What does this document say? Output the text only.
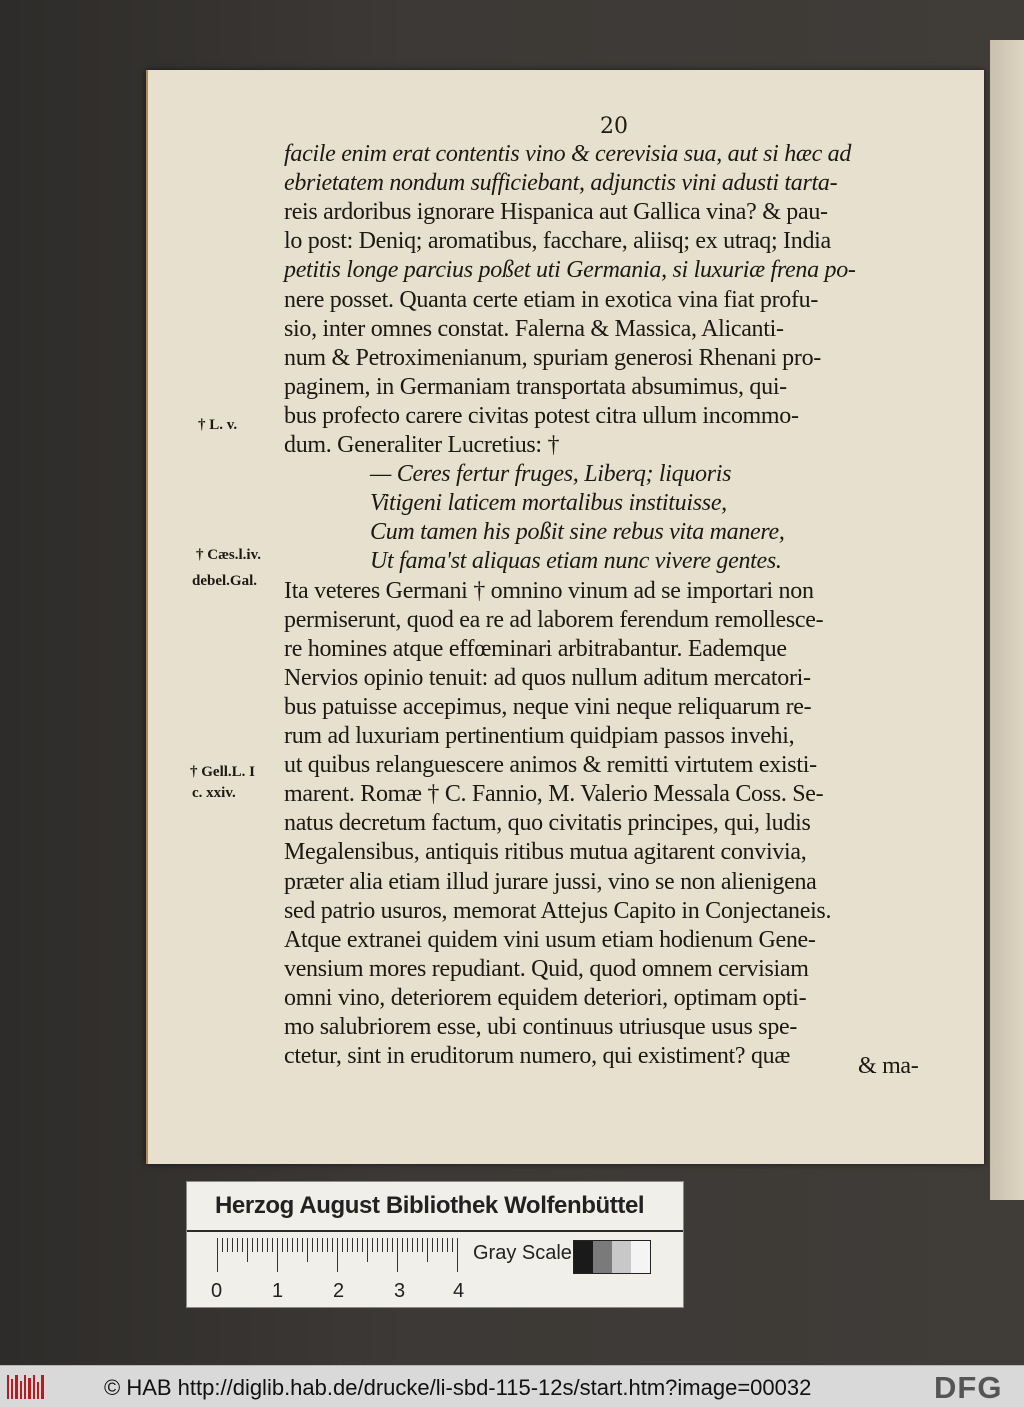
20
facile enim erat contentis vino & cerevisia sua, aut si hæc ad
ebrietatem nondum sufficiebant, adjunctis vini adusti tarta-
reis ardoribus ignorare Hispanica aut Gallica vina? & pau-
lo post: Deniq; aromatibus, facchare, aliisq; ex utraq; India
petitis longe parcius poßet uti Germania, si luxuriæ frena po-
nere posset. Quanta certe etiam in exotica vina fiat profu-
sio, inter omnes constat. Falerna & Massica, Alicanti-
num & Petroximenianum, spuriam generosi Rhenani pro-
paginem, in Germaniam transportata absumimus, qui-
bus profecto carere civitas potest citra ullum incommo-
dum. Generaliter Lucretius: †
— Ceres fertur fruges, Liberq; liquoris
Vitigeni laticem mortalibus instituisse,
Cum tamen his poßit sine rebus vita manere,
Ut fama'st aliquas etiam nunc vivere gentes.
Ita veteres Germani † omnino vinum ad se importari non
permiserunt, quod ea re ad laborem ferendum remollesce-
re homines atque effœminari arbitrabantur. Eademque
Nervios opinio tenuit: ad quos nullum aditum mercatori-
bus patuisse accepimus, neque vini neque reliquarum re-
rum ad luxuriam pertinentium quidpiam passos invehi,
ut quibus relanguescere animos & remitti virtutem existi-
marent. Romæ † C. Fannio, M. Valerio Messala Coss. Se-
natus decretum factum, quo civitatis principes, qui, ludis
Megalensibus, antiquis ritibus mutua agitarent convivia,
præter alia etiam illud jurare jussi, vino se non alienigena
sed patrio usuros, memorat Attejus Capito in Conjectaneis.
Atque extranei quidem vini usum etiam hodienum Gene-
vensium mores repudiant. Quid, quod omnem cervisiam
omni vino, deteriorem equidem deteriori, optimam opti-
mo salubriorem esse, ubi continuus utriusque usus spe-
ctetur, sint in eruditorum numero, qui existiment? quæ
† L. v.
† Cæs.l.iv.
debel.Gal.
† Gell.L. I
c. xxiv.
& ma-
Herzog August Bibliothek Wolfenbüttel
0 1 2 3 4
Gray Scale
© HAB http://diglib.hab.de/drucke/li-sbd-115-12s/start.htm?image=00032	DFG
